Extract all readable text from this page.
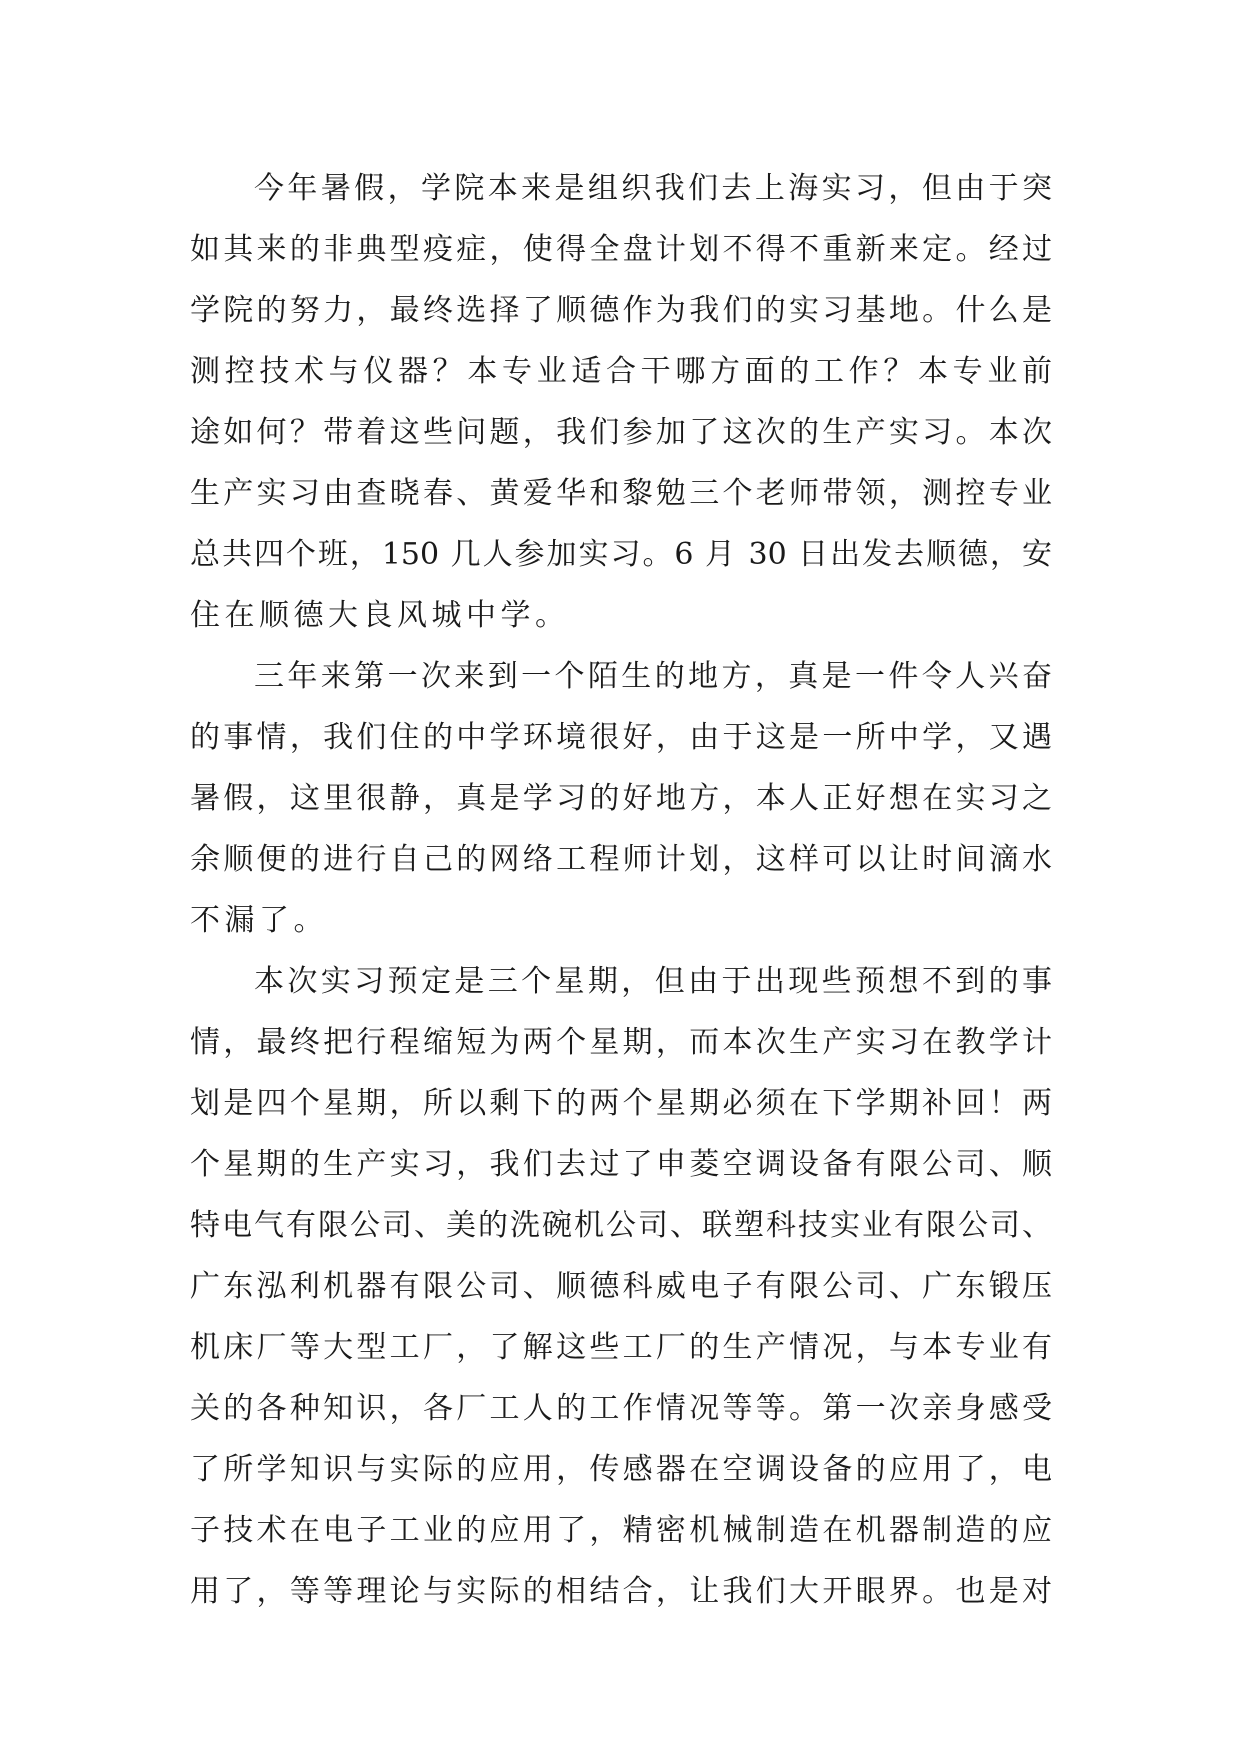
今年暑假，学院本来是组织我们去上海实习，但由于突
如其来的非典型疫症，使得全盘计划不得不重新来定。经过
学院的努力，最终选择了顺德作为我们的实习基地。什么是
测控技术与仪器？本专业适合干哪方面的工作？本专业前
途如何？带着这些问题，我们参加了这次的生产实习。本次
生产实习由查晓春、黄爱华和黎勉三个老师带领，测控专业
总共四个班，150 几人参加实习。6 月 30 日出发去顺德，安
住在顺德大良风城中学。
三年来第一次来到一个陌生的地方，真是一件令人兴奋
的事情，我们住的中学环境很好，由于这是一所中学，又遇
暑假，这里很静，真是学习的好地方，本人正好想在实习之
余顺便的进行自己的网络工程师计划，这样可以让时间滴水
不漏了。
本次实习预定是三个星期，但由于出现些预想不到的事
情，最终把行程缩短为两个星期，而本次生产实习在教学计
划是四个星期，所以剩下的两个星期必须在下学期补回！两
个星期的生产实习，我们去过了申菱空调设备有限公司、顺
特电气有限公司、美的洗碗机公司、联塑科技实业有限公司、
广东泓利机器有限公司、顺德科威电子有限公司、广东锻压
机床厂等大型工厂，了解这些工厂的生产情况，与本专业有
关的各种知识，各厂工人的工作情况等等。第一次亲身感受
了所学知识与实际的应用，传感器在空调设备的应用了，电
子技术在电子工业的应用了，精密机械制造在机器制造的应
用了，等等理论与实际的相结合，让我们大开眼界。也是对
